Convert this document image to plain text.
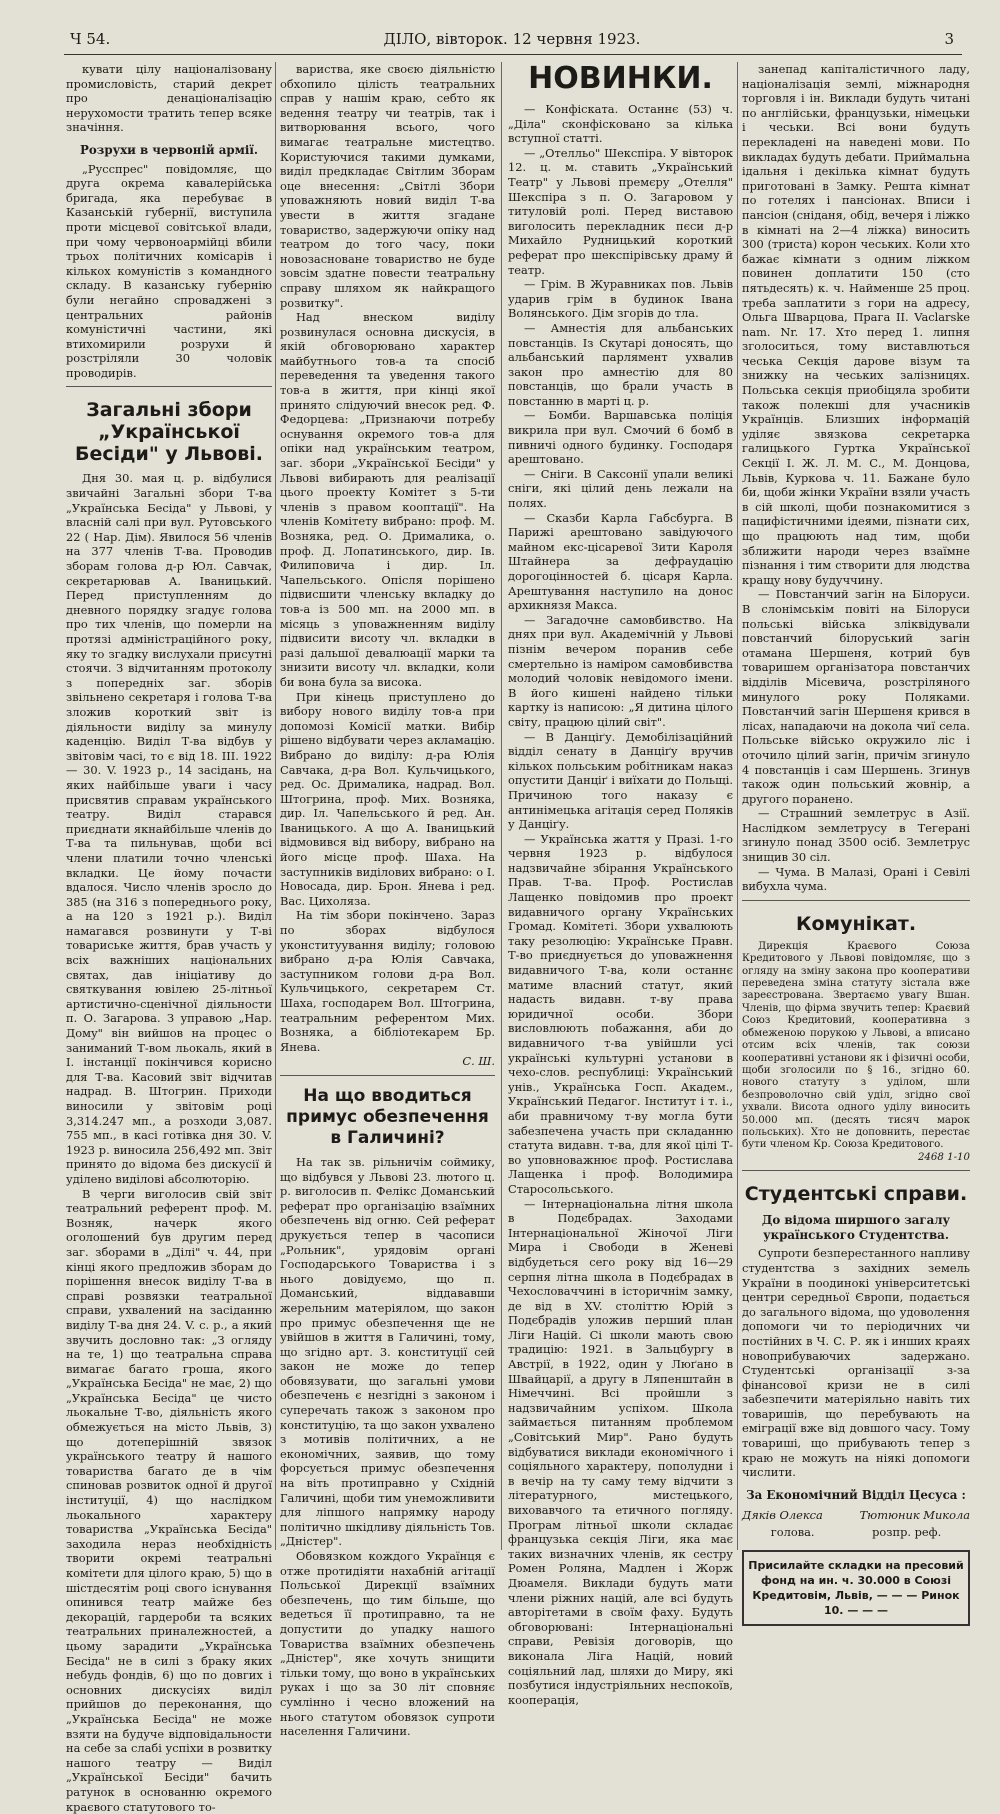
Ч 54.	ДІЛО, вівторок. 12 червня 1923.	3

кувати цілу націоналізовану промисловість, старий декрет про денаціоналізацію нерухомости тратить тепер всяке значіння.

Розрухи в червоній армії.

„Русспрес" повідомляє, що друга окрема кавалерійська бригада, яка перебуває в Казанській губернії, виступила проти місцевої совітської влади, при чому червоноармійці вбили трьох політичних комісарів і кількох комуністів з командного складу. В казанську губернію були негайно спроваджені з центральних районів комуністичні частини, які втихомирили розрухи й розстріляли 30 чоловік проводирів.

Загальні збори „Української Бесіди" у Львові.

Дня 30. мая ц. р. відбулися звичайні Загальні збори Т-ва „Українська Бесіда" у Львові, у власній салі при вул. Рутовського 22 ( Нар. Дім). Явилося 56 членів на 377 членів Т-ва. Проводив зборам голова д-р Юл. Савчак, секретарював А. Іваницький. Перед приступленням до дневного порядку згадує голова про тих членів, що померли на протязі адміністраційного року, яку то згадку вислухали присутні стоячи. З відчитанням протоколу з попередніх заг. зборів звільнено секретаря і голова Т-ва зложив короткий звіт із діяльности виділу за минулу каденцію. Виділ Т-ва відбув у звітовім часі, то є від 18. III. 1922 — 30. V. 1923 р., 14 засідань, на яких найбільше уваги і часу присвятив справам українського театру. Виділ старався приєднати якнайбільше членів до Т-ва та пильнував, щоби всі члени платили точно членські вкладки. Це йому почасти вдалося. Число членів зросло до 385 (на 316 з попереднього року, а на 120 з 1921 р.). Виділ намагався розвинути у Т-ві товариське життя, брав участь у всіх важніших національних святах, дав ініціативу до святкування ювілею 25-літньої артистично-сценічної діяльности п. О. Загарова. З управою „Нар. Дому" він вийшов на процес о заниманий Т-вом льокаль, який в I. інстанції покінчився корисно для Т-ва. Касовий звіт відчитав надрад. В. Штогрин. Приходи виносили у звітовім році 3,314.247 мп., а розходи 3,087. 755 мп., в касі готівка дня 30. V. 1923 р. виносила 256,492 мп. Звіт принято до відома без дискусії й уділено виділові абсолюторію.

В черги виголосив свій звіт театральний референт проф. М. Возняк, начерк якого оголошений був другим перед заг. зборами в „Ділі" ч. 44, при кінці якого предложив зборам до порішення внесок виділу Т-ва в справі розвязки театральної справи, ухвалений на засіданню виділу Т-ва дня 24. V. с. р., а який звучить дословно так: „З огляду на те, 1) що театральна справа вимагає багато гроша, якого „Українська Бесіда" не має, 2) що „Українська Бесіда" це чисто льокальне Т-во, діяльність якого обмежується на місто Львів, 3) що дотеперішній звязок українського театру й нашого товариства багато де в чім спиновав розвиток одної й другої інституції, 4) що наслідком льокального характеру товариства „Українська Бесіда" заходила нераз необхідність творити окремі театральні комітети для цілого краю, 5) що в шістдесятім році свого існування опинився театр майже без декорацій, гардероби та всяких театральних приналежностей, а цьому зарадити „Українська Бесіда" не в силі з браку яких небудь фондів, 6) що по довгих і основних дискусіях виділ прийшов до переконання, що „Українська Бесіда" не може взяти на будуче відповідальности на себе за слабі успіхи в розвитку нашого театру — Виділ „Української Бесіди" бачить ратунок в основанню окремого краєвого статутового то-

вариства, яке своєю діяльністю обхопило цілість театральних справ у нашім краю, себто як ведення театру чи театрів, так і витворювання всього, чого вимагає театральне мистецтво. Користуючися такими думками, виділ предкладає Світлим Зборам оце внесення: „Світлі Збори уповажняють новий виділ Т-ва увести в життя згадане товариство, задержуючи опіку над театром до того часу, поки новозасноване товариство не буде зовсім здатне повести театральну справу шляхом як найкращого розвитку".

Над внеском виділу розвинулася основна дискусія, в якій обговорювано характер майбутнього тов-а та спосіб переведення та уведення такого тов-а в життя, при кінці якої принято слідуючий внесок ред. Ф. Федорцева: „Признаючи потребу оснування окремого тов-а для опіки над українським театром, заг. збори „Української Бесіди" у Львові вибирають для реалізації цього проекту Комітет з 5-ти членів з правом кооптації". На членів Комітету вибрано: проф. М. Возняка, ред. О. Дрималика, о. проф. Д. Лопатинського, дир. Ів. Филиповича і дир. Іл. Чапельського. Опісля порішено підвисшити членську вкладку до тов-а із 500 мп. на 2000 мп. в місяць з уповажненням виділу підвисити висоту чл. вкладки в разі дальшої девалюації марки та знизити висоту чл. вкладки, коли би вона була за висока.

При кінець приступлено до вибору нового виділу тов-а при допомозі Комісії матки. Вибір рішено відбувати через акламацію. Вибрано до виділу: д-ра Юлія Савчака, д-ра Вол. Кульчицького, ред. Ос. Дрималика, надрад. Вол. Штогрина, проф. Мих. Возняка, дир. Іл. Чапельського й ред. Ан. Іваницького. А що А. Іваницький відмовився від вибору, вибрано на його місце проф. Шаха. На заступників виділових вибрано: о І. Новосада, дир. Брон. Янева і ред. Вас. Цихоляза.

На тім збори покінчено. Зараз по зборах відбулося уконституування виділу; головою вибрано д-ра Юлія Савчака, заступником голови д-ра Вол. Кульчицького, секретарем Ст. Шаха, господарем Вол. Штогрина, театральним референтом Мих. Возняка, а бібліотекарем Бр. Янева.

С. Ш.

На що вводиться примус обезпечення в Галичині?

На так зв. рільничім соймику, що відбувся у Львові 23. лютого ц. р. виголосив п. Фелікс Доманський реферат про організацію взаїмних обезпечень від огню. Сей реферат друкується тепер в часописи „Рольник", урядовім органі Господарського Товариства і з нього довідуємо, що п. Доманський, віддававши жерельним матеріялом, що закон про примус обезпечення ще не увійшов в життя в Галичині, тому, що згідно арт. 3. конституції сей закон не може до тепер обовязувати, що загальні умови обезпечень є незгідні з законом і суперечать також з законом про конституцію, та що закон ухвалено з мотивів політичних, а не економічних, заявив, що тому форсується примус обезпечення на віть протиправно у Східній Галичині, щоби тим унеможливити для ліпшого напрямку народу політично шкідливу діяльність Тов. „Дністер".

Обовязком кождого Українця є отже протидіяти нахабній агітації Польської Дирекції взаїмних обезпечень, що тим більше, що ведеться її протиправно, та не допустити до упадку нашого Товариства взаїмних обезпечень „Дністер", яке хочуть знищити тільки тому, що воно в українських руках і що за 30 літ сповняє сумлінно і чесно вложений на нього статутом обовязок супроти населення Галичини.

НОВИНКИ.

— Конфіската. Останнє (53) ч. „Діла" сконфісковано за кілька вступної статті.

— „Отелльо" Шекспіра. У вівторок 12. ц. м. ставить „Український Театр" у Львові премєру „Отелля" Шекспіра з п. О. Загаровом у титуловій ролі. Перед виставою виголосить перекладник пєси д-р Михайло Рудницький короткий реферат про шекспірівську драму й театр.

— Грім. В Журавниках пов. Львів ударив грім в будинок Івана Волянського. Дім згорів до тла.

— Амнестія для альбанських повстанців. Із Скутарі доносять, що альбанський парлямент ухвалив закон про амнестію для 80 повстанців, що брали участь в повстанню в марті ц. р.

— Бомби. Варшавська поліція викрила при вул. Смочий 6 бомб в пивничі одного будинку. Господаря арештовано.

— Сніги. В Саксонії упали великі сніги, які цілий день лежали на полях.

— Сказби Карла Габсбурга. В Парижі арештовано завідуючого майном екс-цісаревої Зити Кароля Штайнера за дефраудацію дорогоцінностей б. цісаря Карла. Арештування наступило на донос архикнязя Макса.

— Загадочне самовбивство. На днях при вул. Академічній у Львові пізнім вечером поранив себе смертельно із наміром самовбивства молодий чоловік невідомого імени. В його кишені найдено тільки картку із написою: „Я дитина цілого світу, працюю цілий світ".

— В Данціґу. Демобілізаційний відділ сенату в Данціґу вручив кількох польським робітникам наказ опустити Данціґ і виїхати до Польщі. Причиною того наказу є антинімецька агітація серед Поляків у Данціґу.

— Українська жаття у Празі. 1-го червня 1923 р. відбулося надзвичайне збірання Українського Прав. Т-ва. Проф. Ростислав Лащенко повідомив про проект видавничого органу Українських Громад. Комітеті. Збори ухвалюють таку резолюцію: Українське Правн. Т-во приєднується до уповажнення видавничого Т-ва, коли останнє матиме власний статут, який надасть видавн. т-ву права юридичної особи. Збори висловлюють побажання, аби до видавничого т-ва увійшли усі українські культурні установи в чехо-слов. республиці: Український унів., Українська Госп. Академ., Український Педагог. Інститут і т. і., аби правничому т-ву могла бути забезпечена участь при складанню статута видавн. т-ва, для якої цілі Т-во уповноважнює проф. Ростислава Лащенка і проф. Володимира Старосольського.

— Інтернаціональна літня школа в Подєбрадах. Заходами Інтернаціональної Жіночої Ліги Мира і Свободи в Женеві відбудеться сего року від 16—29 серпня літна школа в Подєбрадах в Чехословаччині в історичнім замку, де від в XV. століттю Юрій з Подєбрадів уложив перший план Ліги Націй. Сі школи мають свою традицію: 1921. в Зальцбургу в Австрії, в 1922, один у Люґано в Швайцарії, а другу в Ляпенштайн в Німеччині. Всі пройшли з надзвичайним успіхом. Школа займається питанням проблемом „Совітський Мир". Рано будуть відбуватися виклади економічного і соціяльного характеру, пополудни і в вечір на ту саму тему відчити з літературного, мистецького, виховавчого та етичного погляду. Програм літньої школи складає французька секція Ліги, яка має таких визначних членів, як сестру Ромен Роляна, Мадлен і Жорж Дюамеля. Виклади будуть мати члени ріжних націй, але всі будуть авторітетами в своїм фаху. Будуть обговорювані: Інтернаціональні справи, Ревізія договорів, що виконала Ліга Націй, новий соціяльний лад, шляхи до Миру, які позбутися індустріяльних неспокоїв, кооперація,

занепад капіталістичного ладу, націоналізація землі, міжнародня торговля і ін. Виклади будуть читані по англійськи, французьки, німецьки і чеськи. Всі вони будуть перекладені на наведені мови. По викладах будуть дебати. Приймальна ідальня і декілька кімнат будуть приготовані в Замку. Решта кімнат по готелях і пансіонах. Вписи і пансіон (сніданя, обід, вечеря і ліжко в кімнаті на 2—4 ліжка) виносить 300 (триста) корон чеських. Коли хто бажає кімнати з одним ліжком повинен доплатити 150 (сто пятьдесять) к. ч. Найменше 25 проц. треба заплатити з гори на адресу, Ольга Шварцова, Прага II. Vaclarske nam. Nr. 17. Хто перед 1. липня зголоситься, тому виставлються чеська Секція дарове візум та знижку на чеських залізницях. Польська секція приобіцяла зробити також полекші для учасників Українців. Близших інформацій уділяє звязкова секретарка галицького Гуртка Української Секції І. Ж. Л. М. С., М. Донцова, Львів, Куркова ч. 11. Бажане було би, щоби жінки України взяли участь в сій школі, щоби познакомитися з пацифістичними ідеями, пізнати сих, що працюють над тим, щоби зближити народи через взаїмне пізнання і тим створити для людства кращу нову будуччину.

— Повстанчий загін на Білоруси. В слонімськім повіті на Білоруси польські війська зліквідували повстанчий білоруський загін отамана Шершеня, котрий був товаришем організатора повстанчих відділів Місевича, розстріляного минулого року Поляками. Повстанчий загін Шершеня крився в лісах, нападаючи на докола чиї села. Польське військо окружило ліс і оточило цілий загін, причім згинуло 4 повстанців і сам Шершень. Згинув також один польський жовнір, а другого поранено.

— Страшний землетрус в Азії. Наслідком землетрусу в Тегерані згинуло понад 3500 осіб. Землетрус знищив 30 сіл.

— Чума. В Малазі, Орані і Севілі вибухла чума.

Комунікат.

Дирекція Краєвого Союза Кредитового у Львові повідомляє, що з огляду на зміну закона про кооперативи переведена зміна статуту зістала вже зареєстрована. Звертаємо увагу Вшан. Членів, що фірма звучить тепер: Краєвий Союз Кредитовий, кооперативна з обмеженою порукою у Львові, а вписано отсим всіх членів, так союзи кооперативні установи як і фізичні особи, щоби зголосили по § 16., згідно 60. нового статуту з уділом, шли безпроволочно свій уділ, згідно свої ухвали. Висота одного уділу виносить 50.000 мп. (десять тисяч марок польських). Хто не доповнить, перестає бути членом Кр. Союза Кредитового.

2468 1-10

Студентські справи.

До відома ширшого загалу українського Студентства.

Супроти безперестанного напливу студентства з західних земель України в поодинокі університетські центри середньої Європи, подається до загального відома, що удоволення допомоги чи то періодичних чи постійних в Ч. С. Р. як і инших краях новоприбуваючих задержано. Студентські організації з-за фінансової кризи не в силі забезпечити матеріяльно навіть тих товаришів, що перебувають на еміграції вже від довшого часу. Тому товариші, що прибувають тепер з краю не можуть на ніякі допомоги числити.

За Економічний Відділ Цесуса :

Дяків Олекса	Тютюник Микола
голова.	розпр. реф.
Присилайте складки на пресовий фонд на ин. ч. 30.000 в Союзі Кредитовім, Львів, — — — Ринок 10. — — —
